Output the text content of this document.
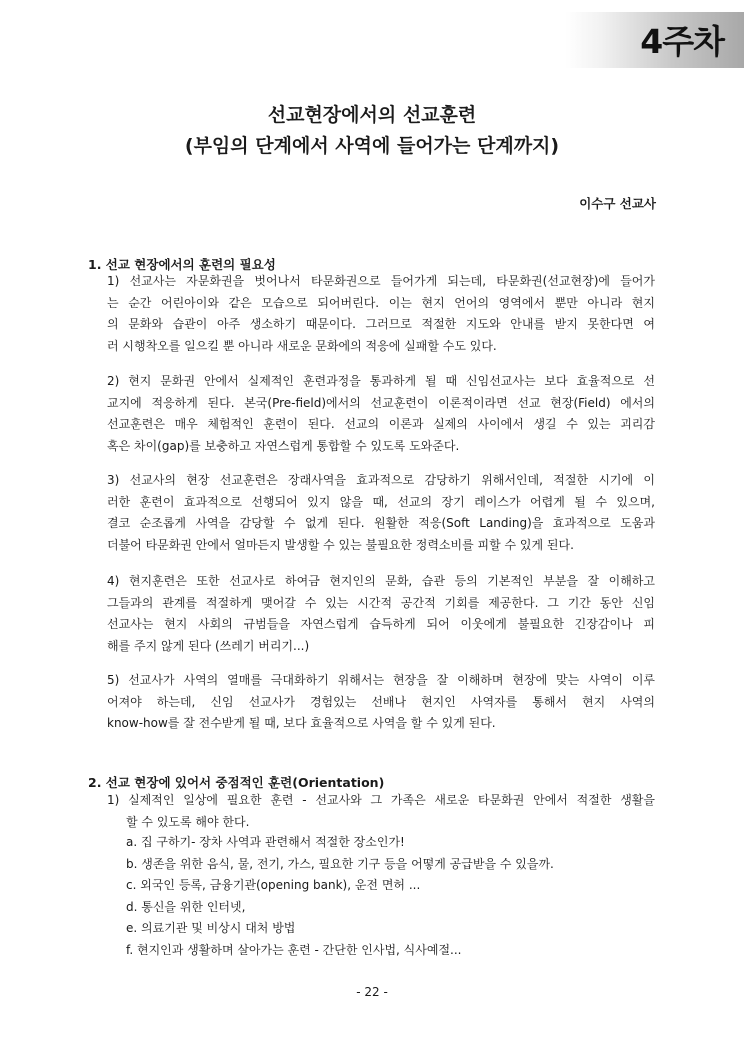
4주차
선교현장에서의 선교훈련
(부임의 단계에서 사역에 들어가는 단계까지)
이수구 선교사
1. 선교 현장에서의 훈련의 필요성

1) 선교사는 자문화권을 벗어나서 타문화권으로 들어가게 되는데, 타문화권(선교현장)에 들어가
는 순간 어린아이와 같은 모습으로 되어버린다. 이는 현지 언어의 영역에서 뿐만 아니라 현지
의 문화와 습관이 아주 생소하기 때문이다. 그러므로 적절한 지도와 안내를 받지 못한다면 여
러 시행착오를 일으킬 뿐 아니라 새로운 문화에의 적응에 실패할 수도 있다.

2) 현지 문화권 안에서 실제적인 훈련과정을 통과하게 될 때 신임선교사는 보다 효율적으로 선
교지에 적응하게 된다. 본국(Pre-field)에서의 선교훈련이 이론적이라면 선교 현장(Field) 에서의
선교훈련은 매우 체험적인 훈련이 된다. 선교의 이론과 실제의 사이에서 생길 수 있는 괴리감
혹은 차이(gap)를 보충하고 자연스럽게 통합할 수 있도록 도와준다.

3) 선교사의 현장 선교훈련은 장래사역을 효과적으로 감당하기 위해서인데, 적절한 시기에 이
러한 훈련이 효과적으로 선행되어 있지 않을 때, 선교의 장기 레이스가 어렵게 될 수 있으며,
결코 순조롭게 사역을 감당할 수 없게 된다. 원활한 적응(Soft Landing)을 효과적으로 도움과
더불어 타문화권 안에서 얼마든지 발생할 수 있는 불필요한 정력소비를 피할 수 있게 된다.

4) 현지훈련은 또한 선교사로 하여금 현지인의 문화, 습관 등의 기본적인 부분을 잘 이해하고
그들과의 관계를 적절하게 맺어갈 수 있는 시간적 공간적 기회를 제공한다. 그 기간 동안 신임
선교사는 현지 사회의 규범들을 자연스럽게 습득하게 되어 이웃에게 불필요한 긴장감이나 피
해를 주지 않게 된다 (쓰레기 버리기...)

5) 선교사가 사역의 열매를 극대화하기 위해서는 현장을 잘 이해하며 현장에 맞는 사역이 이루
어져야 하는데, 신임 선교사가 경험있는 선배나 현지인 사역자를 통해서 현지 사역의
know-how를 잘 전수받게 될 때, 보다 효율적으로 사역을 할 수 있게 된다.

2. 선교 현장에 있어서 중점적인 훈련(Orientation)

1) 실제적인 일상에 필요한 훈련 - 선교사와 그 가족은 새로운 타문화권 안에서 적절한 생활을
할 수 있도록 해야 한다.

a. 집 구하기- 장차 사역과 관련해서 적절한 장소인가!
b. 생존을 위한 음식, 물, 전기, 가스, 필요한 기구 등을 어떻게 공급받을 수 있을까.
c. 외국인 등록, 금융기관(opening bank), 운전 면허 ...
d. 통신을 위한 인터넷,
e. 의료기관 및 비상시 대처 방법
f. 현지인과 생활하며 살아가는 훈련 - 간단한 인사법, 식사예절...
- 22 -
